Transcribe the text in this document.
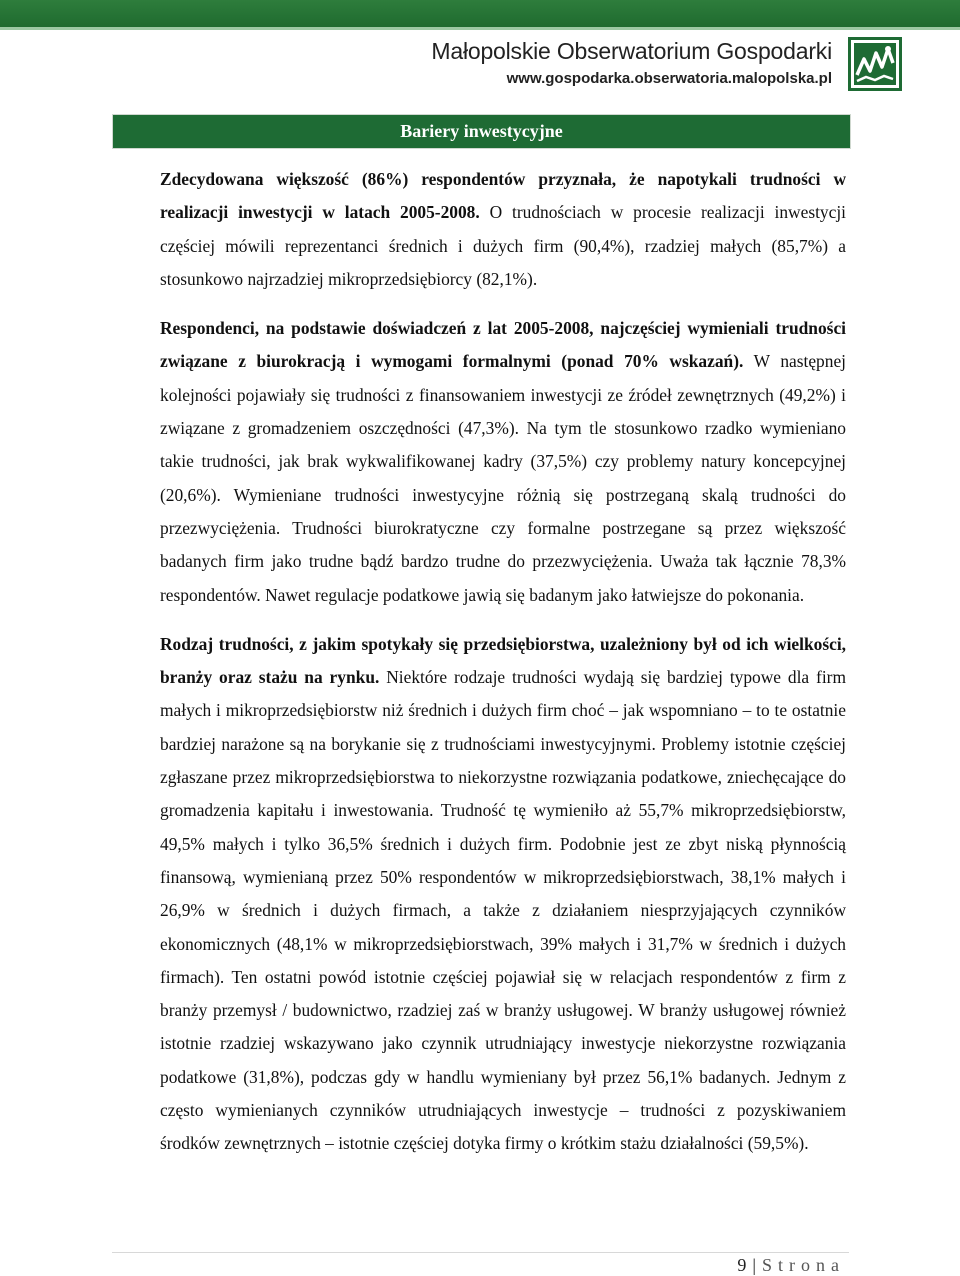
Małopolskie Obserwatorium Gospodarki
www.gospodarka.obserwatoria.malopolska.pl
Bariery inwestycyjne

Zdecydowana większość (86%) respondentów przyznała, że napotykali trudności w realizacji inwestycji w latach 2005-2008. O trudnościach w procesie realizacji inwestycji częściej mówili reprezentanci średnich i dużych firm (90,4%), rzadziej małych (85,7%) a stosunkowo najrzadziej mikroprzedsiębiorcy (82,1%).

Respondenci, na podstawie doświadczeń z lat 2005-2008, najczęściej wymieniali trudności związane z biurokracją i wymogami formalnymi (ponad 70% wskazań). W następnej kolejności pojawiały się trudności z finansowaniem inwestycji ze źródeł zewnętrznych (49,2%) i związane z gromadzeniem oszczędności (47,3%). Na tym tle stosunkowo rzadko wymieniano takie trudności, jak brak wykwalifikowanej kadry (37,5%) czy problemy natury koncepcyjnej (20,6%). Wymieniane trudności inwestycyjne różnią się postrzeganą skalą trudności do przezwyciężenia. Trudności biurokratyczne czy formalne postrzegane są przez większość badanych firm jako trudne bądź bardzo trudne do przezwyciężenia. Uważa tak łącznie 78,3% respondentów. Nawet regulacje podatkowe jawią się badanym jako łatwiejsze do pokonania.

Rodzaj trudności, z jakim spotykały się przedsiębiorstwa, uzależniony był od ich wielkości, branży oraz stażu na rynku. Niektóre rodzaje trudności wydają się bardziej typowe dla firm małych i mikroprzedsiębiorstw niż średnich i dużych firm choć – jak wspomniano – to te ostatnie bardziej narażone są na borykanie się z trudnościami inwestycyjnymi. Problemy istotnie częściej zgłaszane przez mikroprzedsiębiorstwa to niekorzystne rozwiązania podatkowe, zniechęcające do gromadzenia kapitału i inwestowania. Trudność tę wymieniło aż 55,7% mikroprzedsiębiorstw, 49,5% małych i tylko 36,5% średnich i dużych firm. Podobnie jest ze zbyt niską płynnością finansową, wymienianą przez 50% respondentów w mikroprzedsiębiorstwach, 38,1% małych i 26,9% w średnich i dużych firmach, a także z działaniem niesprzyjających czynników ekonomicznych (48,1% w mikroprzedsiębiorstwach, 39% małych i 31,7% w średnich i dużych firmach). Ten ostatni powód istotnie częściej pojawiał się w relacjach respondentów z firm z branży przemysł / budownictwo, rzadziej zaś w branży usługowej. W branży usługowej również istotnie rzadziej wskazywano jako czynnik utrudniający inwestycje niekorzystne rozwiązania podatkowe (31,8%), podczas gdy w handlu wymieniany był przez 56,1% badanych. Jednym z często wymienianych czynników utrudniających inwestycje – trudności z pozyskiwaniem środków zewnętrznych – istotnie częściej dotyka firmy o krótkim stażu działalności (59,5%).

9 | Strona
